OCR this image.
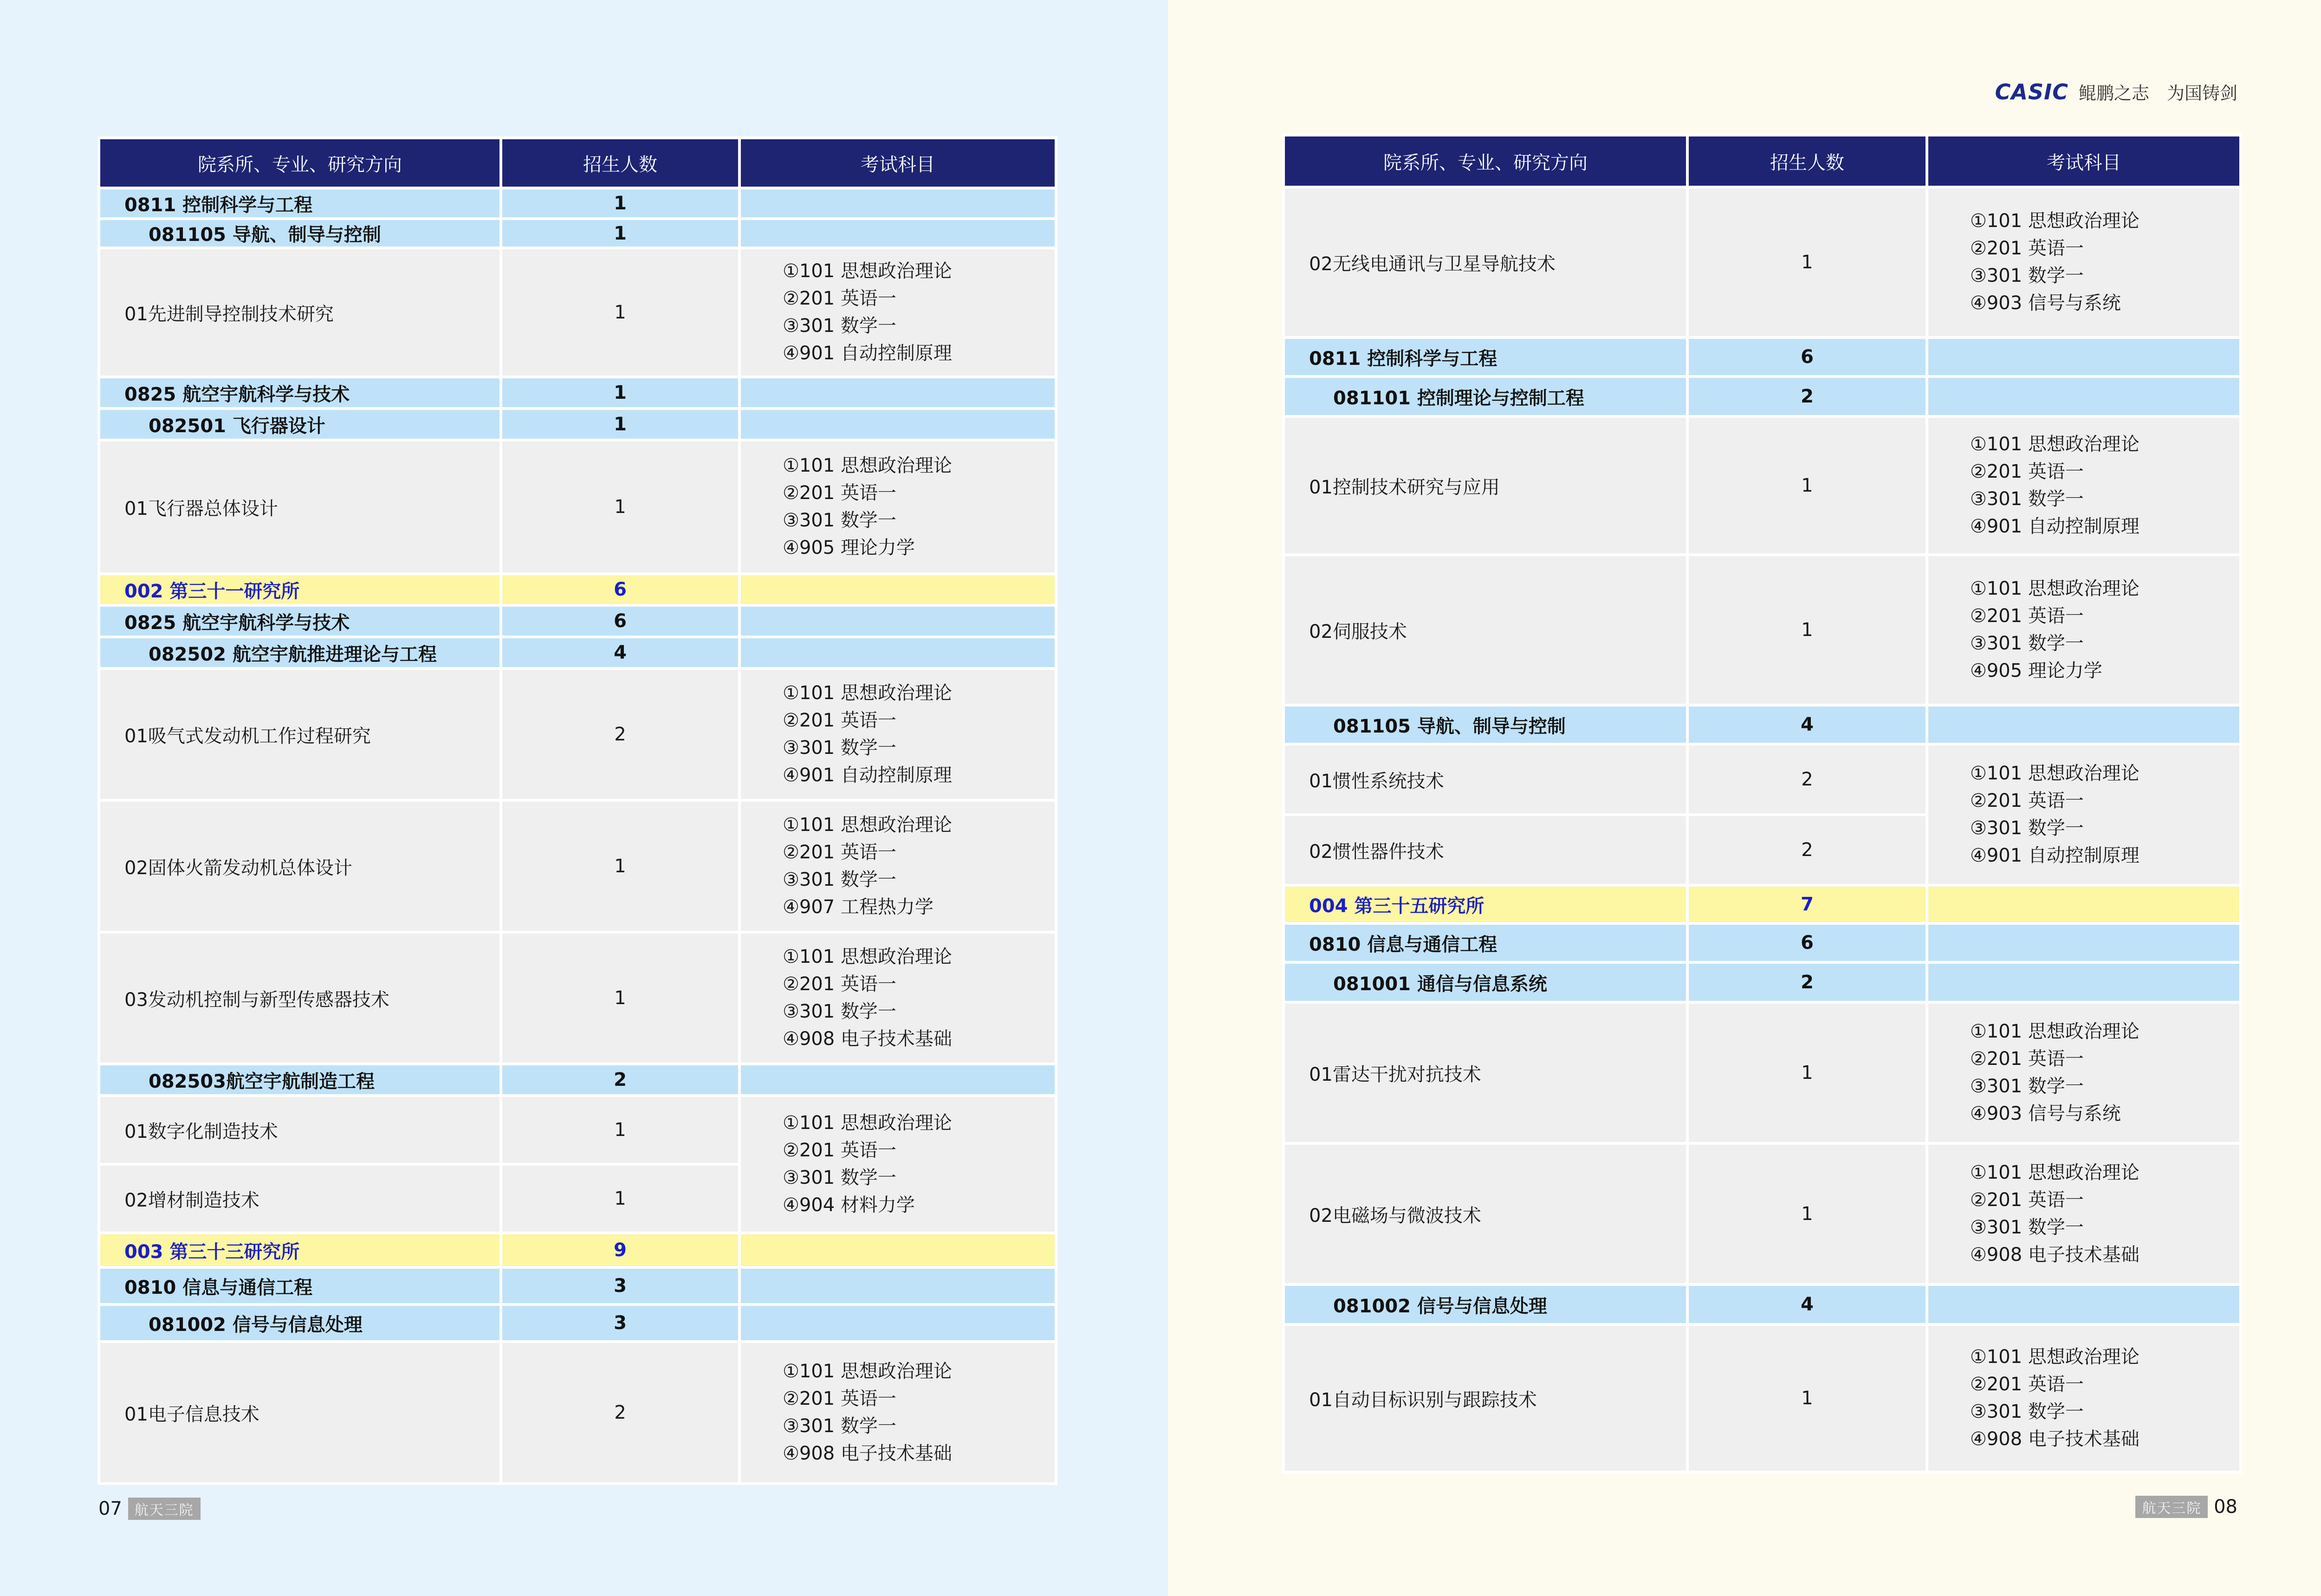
院系所、专业、研究方向	招生人数	考试科目
0811 控制科学与工程	1	
081105 导航、制导与控制	1	
01先进制导控制技术研究	1	①101 思想政治理论
②201 英语一
③301 数学一
④901 自动控制原理

0825 航空宇航科学与技术	1	
082501 飞行器设计	1	
01飞行器总体设计	1	①101 思想政治理论
②201 英语一
③301 数学一
④905 理论力学

002 第三十一研究所	6	
0825 航空宇航科学与技术	6	
082502 航空宇航推进理论与工程	4	
01吸气式发动机工作过程研究	2	①101 思想政治理论
②201 英语一
③301 数学一
④901 自动控制原理

02固体火箭发动机总体设计	1	①101 思想政治理论
②201 英语一
③301 数学一
④907 工程热力学

03发动机控制与新型传感器技术	1	①101 思想政治理论
②201 英语一
③301 数学一
④908 电子技术基础

082503航空宇航制造工程	2	
01数字化制造技术	1	①101 思想政治理论
②201 英语一
③301 数学一
④904 材料力学

02增材制造技术	1	
003 第三十三研究所	9	
0810 信息与通信工程	3	
081002 信号与信息处理	3	
01电子信息技术	2	①101 思想政治理论
②201 英语一
③301 数学一
④908 电子技术基础
07 航天三院
CASIC 鲲鹏之志　为国铸剑
院系所、专业、研究方向	招生人数	考试科目
02无线电通讯与卫星导航技术	1	①101 思想政治理论
②201 英语一
③301 数学一
④903 信号与系统

0811 控制科学与工程	6	
081101 控制理论与控制工程	2	
01控制技术研究与应用	1	①101 思想政治理论
②201 英语一
③301 数学一
④901 自动控制原理

02伺服技术	1	①101 思想政治理论
②201 英语一
③301 数学一
④905 理论力学

081105 导航、制导与控制	4	
01惯性系统技术	2	①101 思想政治理论
②201 英语一
③301 数学一
④901 自动控制原理

02惯性器件技术	2	
004 第三十五研究所	7	
0810 信息与通信工程	6	
081001 通信与信息系统	2	
01雷达干扰对抗技术	1	①101 思想政治理论
②201 英语一
③301 数学一
④903 信号与系统

02电磁场与微波技术	1	①101 思想政治理论
②201 英语一
③301 数学一
④908 电子技术基础

081002 信号与信息处理	4	
01自动目标识别与跟踪技术	1	①101 思想政治理论
②201 英语一
③301 数学一
④908 电子技术基础
航天三院 08
